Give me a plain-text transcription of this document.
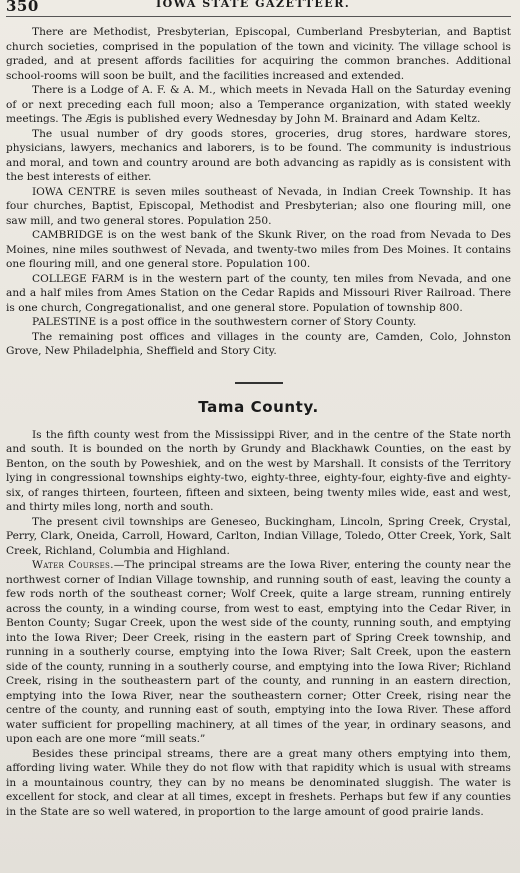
350	IOWA STATE GAZETTEER.

There are Methodist, Presbyterian, Episcopal, Cumberland Presbyterian, and Baptist church societies, comprised in the population of the town and vicinity. The village school is graded, and at present affords facilities for acquiring the common branches. Additional school-rooms will soon be built, and the facilities increased and extended.

There is a Lodge of A. F. & A. M., which meets in Nevada Hall on the Saturday evening of or next preceding each full moon; also a Temperance organization, with stated weekly meetings. The Ægis is published every Wednesday by John M. Brainard and Adam Keltz.

The usual number of dry goods stores, groceries, drug stores, hardware stores, physicians, lawyers, mechanics and laborers, is to be found. The community is industrious and moral, and town and country around are both advancing as rapidly as is consistent with the best interests of either.

IOWA CENTRE is seven miles southeast of Nevada, in Indian Creek Township. It has four churches, Baptist, Episcopal, Methodist and Presbyterian; also one flouring mill, one saw mill, and two general stores. Population 250.

CAMBRIDGE is on the west bank of the Skunk River, on the road from Nevada to Des Moines, nine miles southwest of Nevada, and twenty-two miles from Des Moines. It contains one flouring mill, and one general store. Population 100.

COLLEGE FARM is in the western part of the county, ten miles from Nevada, and one and a half miles from Ames Station on the Cedar Rapids and Missouri River Railroad. There is one church, Congregationalist, and one general store. Population of township 800.

PALESTINE is a post office in the southwestern corner of Story County.

The remaining post offices and villages in the county are, Camden, Colo, Johnston Grove, New Philadelphia, Sheffield and Story City.

Tama County.

Is the fifth county west from the Mississippi River, and in the centre of the State north and south. It is bounded on the north by Grundy and Blackhawk Counties, on the east by Benton, on the south by Poweshiek, and on the west by Marshall. It consists of the Territory lying in congressional townships eighty-two, eighty-three, eighty-four, eighty-five and eighty-six, of ranges thirteen, fourteen, fifteen and sixteen, being twenty miles wide, east and west, and thirty miles long, north and south.

The present civil townships are Geneseo, Buckingham, Lincoln, Spring Creek, Crystal, Perry, Clark, Oneida, Carroll, Howard, Carlton, Indian Village, Toledo, Otter Creek, York, Salt Creek, Richland, Columbia and Highland.

Water Courses.—The principal streams are the Iowa River, entering the county near the northwest corner of Indian Village township, and running south of east, leaving the county a few rods north of the southeast corner; Wolf Creek, quite a large stream, running entirely across the county, in a winding course, from west to east, emptying into the Cedar River, in Benton County; Sugar Creek, upon the west side of the county, running south, and emptying into the Iowa River; Deer Creek, rising in the eastern part of Spring Creek township, and running in a southerly course, emptying into the Iowa River; Salt Creek, upon the eastern side of the county, running in a southerly course, and emptying into the Iowa River; Richland Creek, rising in the southeastern part of the county, and running in an eastern direction, emptying into the Iowa River, near the southeastern corner; Otter Creek, rising near the centre of the county, and running east of south, emptying into the Iowa River. These afford water sufficient for propelling machinery, at all times of the year, in ordinary seasons, and upon each are one more “mill seats.”

Besides these principal streams, there are a great many others emptying into them, affording living water. While they do not flow with that rapidity which is usual with streams in a mountainous country, they can by no means be denominated sluggish. The water is excellent for stock, and clear at all times, except in freshets. Perhaps but few if any counties in the State are so well watered, in proportion to the large amount of good prairie lands.
